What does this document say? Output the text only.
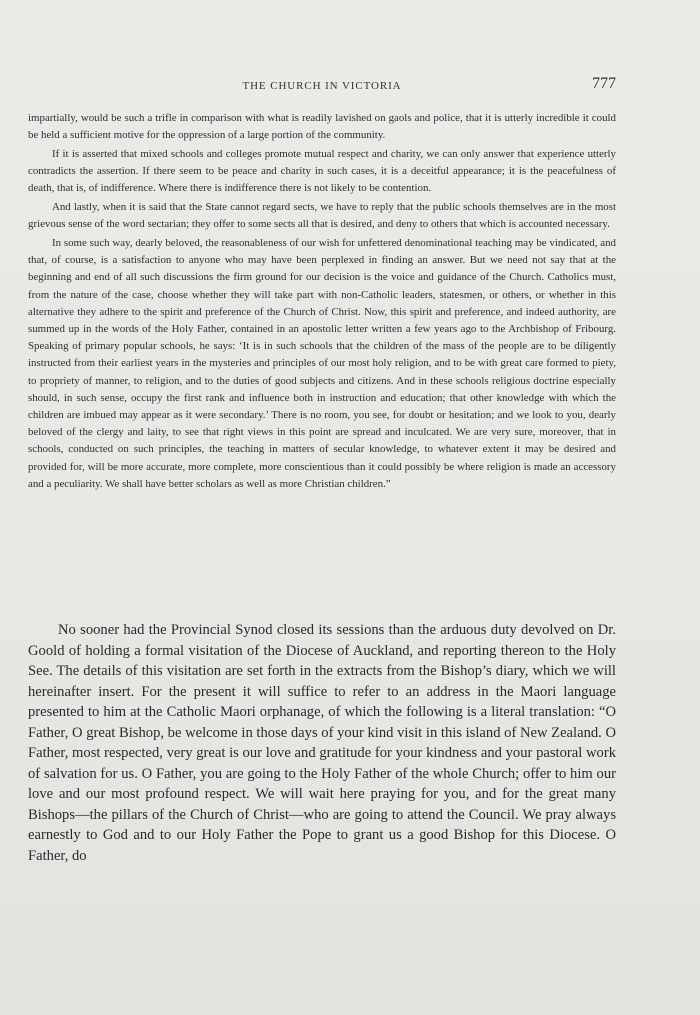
THE CHURCH IN VICTORIA	777

impartially, would be such a trifle in comparison with what is readily lavished on gaols and police, that it is utterly incredible it could be held a sufficient motive for the oppression of a large portion of the community.

If it is asserted that mixed schools and colleges promote mutual respect and charity, we can only answer that experience utterly contradicts the assertion. If there seem to be peace and charity in such cases, it is a deceitful appearance; it is the peacefulness of death, that is, of indifference. Where there is indifference there is not likely to be contention.

And lastly, when it is said that the State cannot regard sects, we have to reply that the public schools themselves are in the most grievous sense of the word sectarian; they offer to some sects all that is desired, and deny to others that which is accounted necessary.

In some such way, dearly beloved, the reasonableness of our wish for unfettered denominational teaching may be vindicated, and that, of course, is a satisfaction to anyone who may have been perplexed in finding an answer. But we need not say that at the beginning and end of all such discussions the firm ground for our decision is the voice and guidance of the Church. Catholics must, from the nature of the case, choose whether they will take part with non-Catholic leaders, statesmen, or others, or whether in this alternative they adhere to the spirit and preference of the Church of Christ. Now, this spirit and preference, and indeed authority, are summed up in the words of the Holy Father, contained in an apostolic letter written a few years ago to the Archbishop of Fribourg. Speaking of primary popular schools, he says: ‘It is in such schools that the children of the mass of the people are to be diligently instructed from their earliest years in the mysteries and principles of our most holy religion, and to be with great care formed to piety, to propriety of manner, to religion, and to the duties of good subjects and citizens. And in these schools religious doctrine especially should, in such sense, occupy the first rank and influence both in instruction and education; that other knowledge with which the children are imbued may appear as it were secondary.’ There is no room, you see, for doubt or hesitation; and we look to you, dearly beloved of the clergy and laity, to see that right views in this point are spread and inculcated. We are very sure, moreover, that in schools, conducted on such principles, the teaching in matters of secular knowledge, to whatever extent it may be desired and provided for, will be more accurate, more complete, more conscientious than it could possibly be where religion is made an accessory and a peculiarity. We shall have better scholars as well as more Christian children.”

No sooner had the Provincial Synod closed its sessions than the arduous duty devolved on Dr. Goold of holding a formal visitation of the Diocese of Auckland, and reporting thereon to the Holy See. The details of this visitation are set forth in the extracts from the Bishop’s diary, which we will hereinafter insert. For the present it will suffice to refer to an address in the Maori language presented to him at the Catholic Maori orphanage, of which the following is a literal translation: “O Father, O great Bishop, be welcome in those days of your kind visit in this island of New Zealand. O Father, most respected, very great is our love and gratitude for your kindness and your pastoral work of salvation for us. O Father, you are going to the Holy Father of the whole Church; offer to him our love and our most profound respect. We will wait here praying for you, and for the great many Bishops—the pillars of the Church of Christ—who are going to attend the Council. We pray always earnestly to God and to our Holy Father the Pope to grant us a good Bishop for this Diocese. O Father, do
